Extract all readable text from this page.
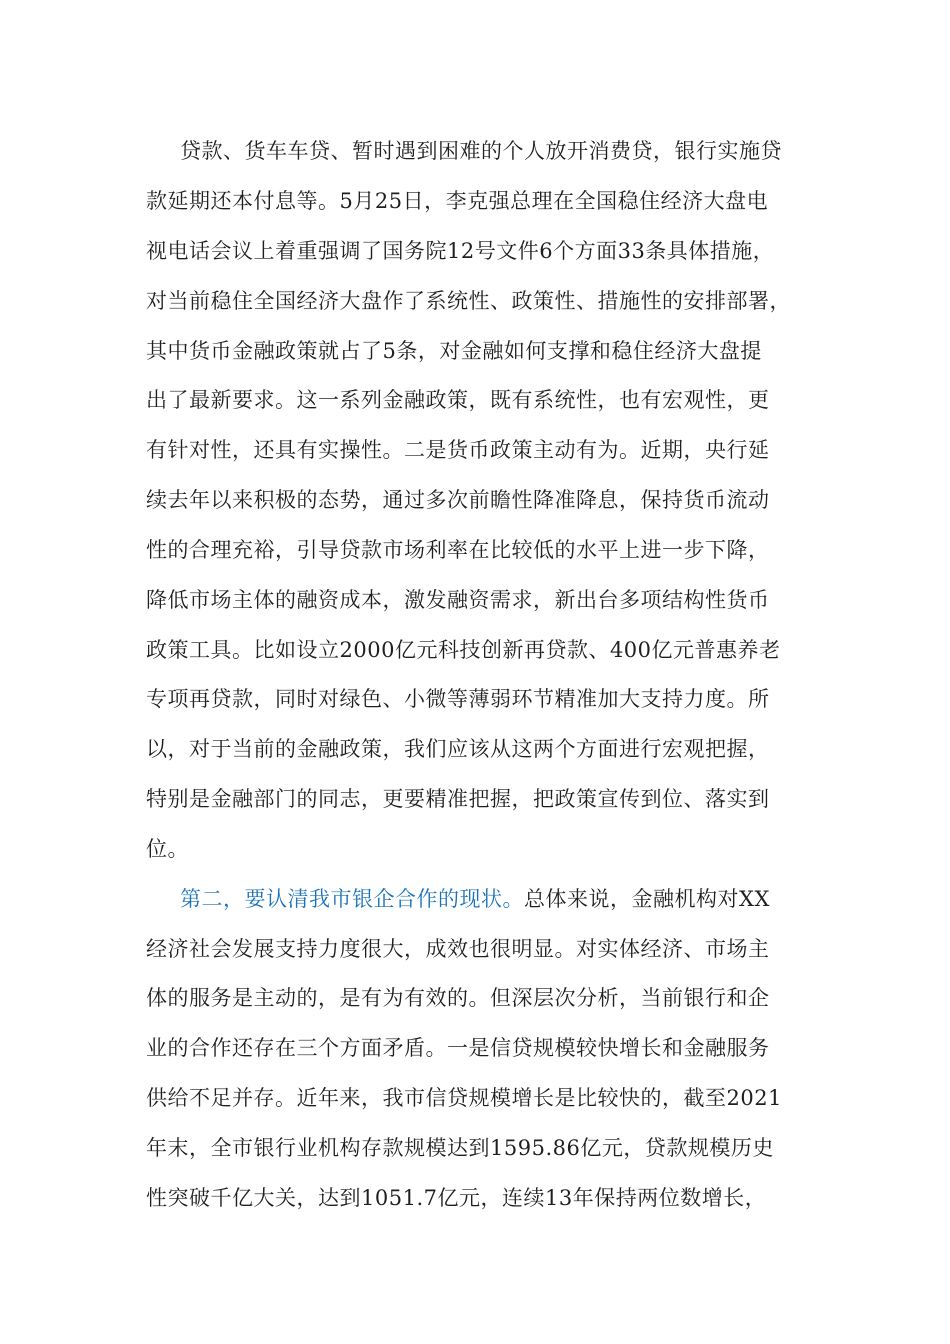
贷款、货车车贷、暂时遇到困难的个人放开消费贷，银行实施贷
款延期还本付息等。5月25日，李克强总理在全国稳住经济大盘电
视电话会议上着重强调了国务院12号文件6个方面33条具体措施，
对当前稳住全国经济大盘作了系统性、政策性、措施性的安排部署，
其中货币金融政策就占了5条，对金融如何支撑和稳住经济大盘提
出了最新要求。这一系列金融政策，既有系统性，也有宏观性，更
有针对性，还具有实操性。二是货币政策主动有为。近期，央行延
续去年以来积极的态势，通过多次前瞻性降准降息，保持货币流动
性的合理充裕，引导贷款市场利率在比较低的水平上进一步下降，
降低市场主体的融资成本，激发融资需求，新出台多项结构性货币
政策工具。比如设立2000亿元科技创新再贷款、400亿元普惠养老
专项再贷款，同时对绿色、小微等薄弱环节精准加大支持力度。所
以，对于当前的金融政策，我们应该从这两个方面进行宏观把握，
特别是金融部门的同志，更要精准把握，把政策宣传到位、落实到
位。
第二，要认清我市银企合作的现状。总体来说，金融机构对XX
经济社会发展支持力度很大，成效也很明显。对实体经济、市场主
体的服务是主动的，是有为有效的。但深层次分析，当前银行和企
业的合作还存在三个方面矛盾。一是信贷规模较快增长和金融服务
供给不足并存。近年来，我市信贷规模增长是比较快的，截至2021
年末，全市银行业机构存款规模达到1595.86亿元，贷款规模历史
性突破千亿大关，达到1051.7亿元，连续13年保持两位数增长，
